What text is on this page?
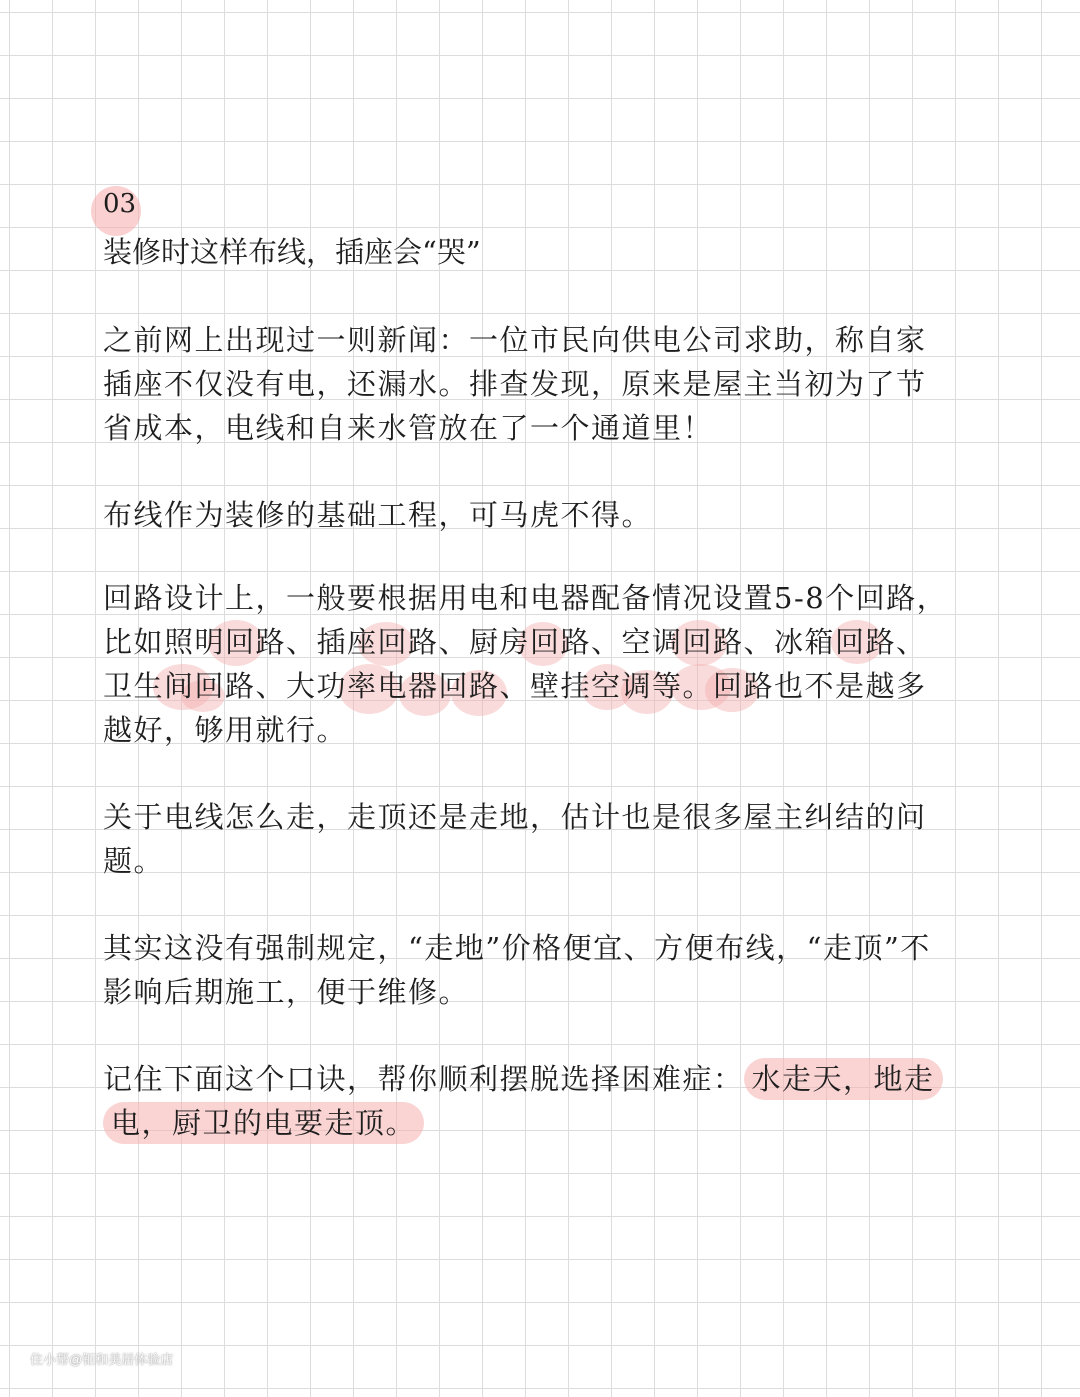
03
装修时这样布线，插座会“哭”
之前网上出现过一则新闻：一位市民向供电公司求助，称自家插座不仅没有电，还漏水。排查发现，原来是屋主当初为了节省成本，电线和自来水管放在了一个通道里！
布线作为装修的基础工程，可马虎不得。
回路设计上，一般要根据用电和电器配备情况设置5-8个回路，比如照明回路、插座回路、厨房回路、空调回路、冰箱回路、卫生间回路、大功率电器回路、壁挂空调等。回路也不是越多越好，够用就行。
关于电线怎么走，走顶还是走地，估计也是很多屋主纠结的问题。
其实这没有强制规定，“走地”价格便宜、方便布线，“走顶”不影响后期施工，便于维修。
记住下面这个口诀，帮你顺利摆脱选择困难症： 水走天，地走电，厨卫的电要走顶。
住小帮@钜和美居体验店
